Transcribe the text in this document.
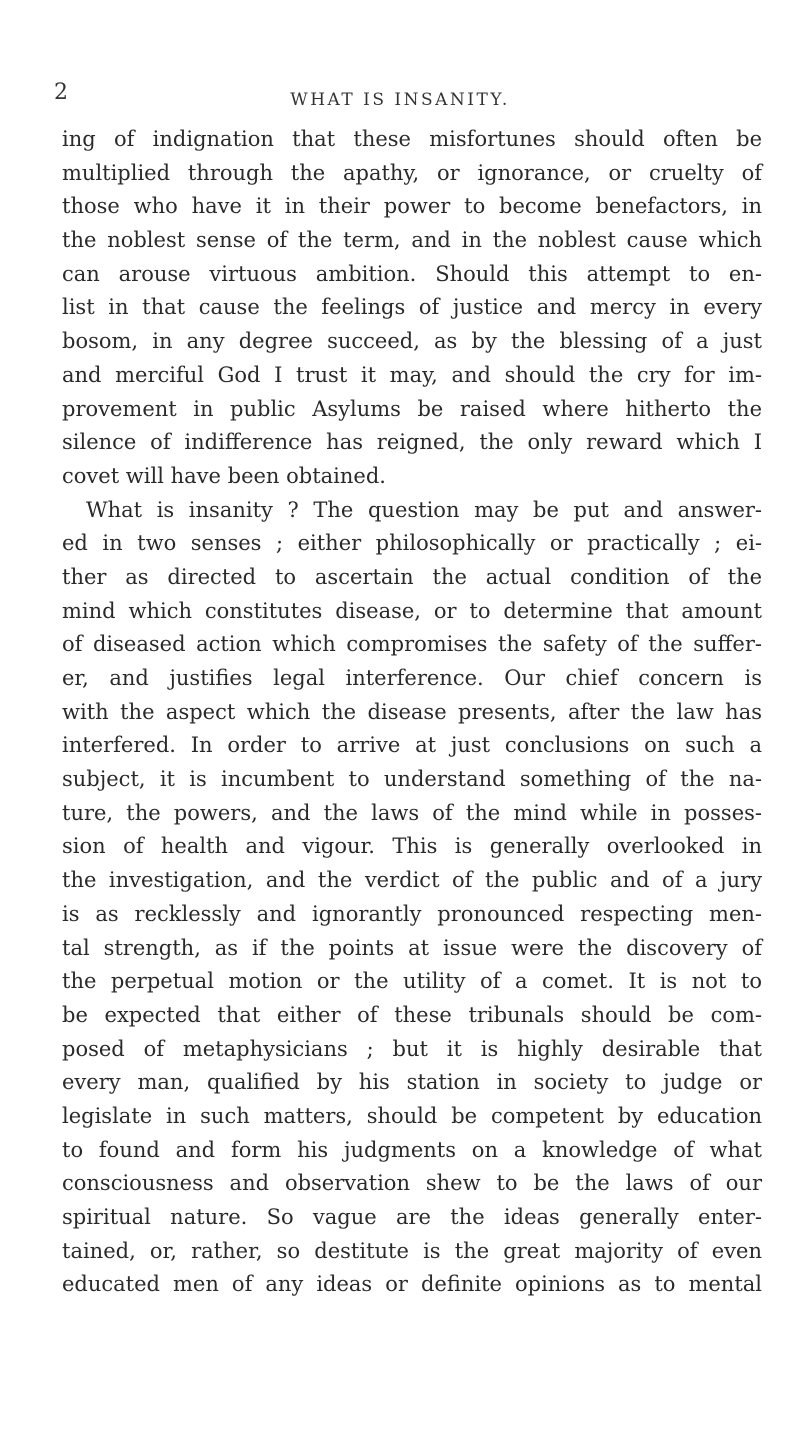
2	WHAT IS INSANITY.
ing of indignation that these misfortunes should often be
multiplied through the apathy, or ignorance, or cruelty of
those who have it in their power to become benefactors, in
the noblest sense of the term, and in the noblest cause which
can arouse virtuous ambition. Should this attempt to en-
list in that cause the feelings of justice and mercy in every
bosom, in any degree succeed, as by the blessing of a just
and merciful God I trust it may, and should the cry for im-
provement in public Asylums be raised where hitherto the
silence of indifference has reigned, the only reward which I
covet will have been obtained.
What is insanity ? The question may be put and answer-
ed in two senses ; either philosophically or practically ; ei-
ther as directed to ascertain the actual condition of the
mind which constitutes disease, or to determine that amount
of diseased action which compromises the safety of the suffer-
er, and justifies legal interference. Our chief concern is
with the aspect which the disease presents, after the law has
interfered. In order to arrive at just conclusions on such a
subject, it is incumbent to understand something of the na-
ture, the powers, and the laws of the mind while in posses-
sion of health and vigour. This is generally overlooked in
the investigation, and the verdict of the public and of a jury
is as recklessly and ignorantly pronounced respecting men-
tal strength, as if the points at issue were the discovery of
the perpetual motion or the utility of a comet. It is not to
be expected that either of these tribunals should be com-
posed of metaphysicians ; but it is highly desirable that
every man, qualified by his station in society to judge or
legislate in such matters, should be competent by education
to found and form his judgments on a knowledge of what
consciousness and observation shew to be the laws of our
spiritual nature. So vague are the ideas generally enter-
tained, or, rather, so destitute is the great majority of even
educated men of any ideas or definite opinions as to mental
